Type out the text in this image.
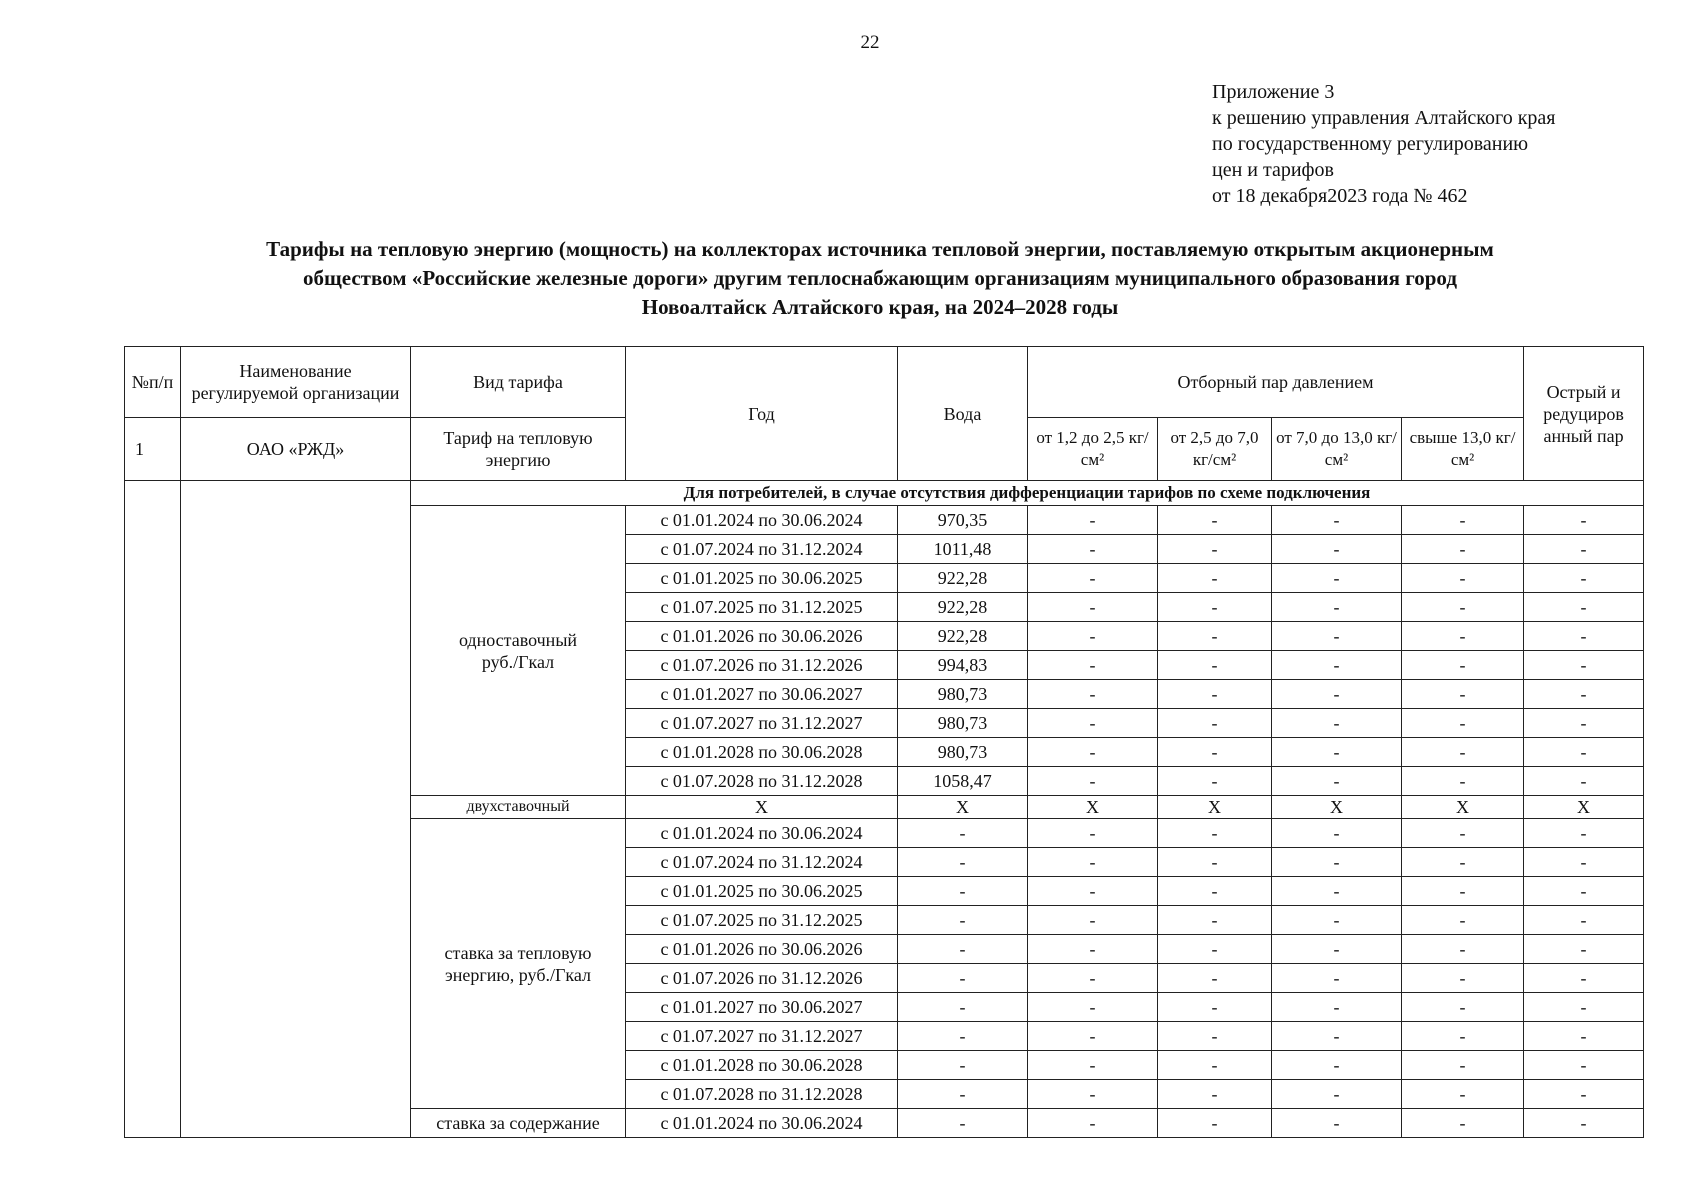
22
Приложение 3
к решению управления Алтайского края
по государственному регулированию
цен и тарифов
от 18 декабря2023 года № 462
Тарифы на тепловую энергию (мощность) на коллекторах источника тепловой энергии, поставляемую открытым акционерным
обществом «Российские железные дороги» другим теплоснабжающим организациям муниципального образования город
Новоалтайск Алтайского края, на 2024–2028 годы
№п/п	Наименование регулируемой организации	Вид тарифа	Год	Вода	Отборный пар давлением				Острый и редуциров анный пар
1	ОАО «РЖД»	Тариф на тепловую энергию			от 1,2 до 2,5 кг/см²	от 2,5 до 7,0 кг/см²	от 7,0 до 13,0 кг/см²	свыше 13,0 кг/см²	
		Для потребителей, в случае отсутствия дифференциации тарифов по схеме подключения							
		одноставочный руб./Гкал	с 01.01.2024 по 30.06.2024	970,35	-	-	-	-	-
			с 01.07.2024 по 31.12.2024	1011,48	-	-	-	-	-
			с 01.01.2025 по 30.06.2025	922,28	-	-	-	-	-
			с 01.07.2025 по 31.12.2025	922,28	-	-	-	-	-
			с 01.01.2026 по 30.06.2026	922,28	-	-	-	-	-
			с 01.07.2026 по 31.12.2026	994,83	-	-	-	-	-
			с 01.01.2027 по 30.06.2027	980,73	-	-	-	-	-
			с 01.07.2027 по 31.12.2027	980,73	-	-	-	-	-
			с 01.01.2028 по 30.06.2028	980,73	-	-	-	-	-
			с 01.07.2028 по 31.12.2028	1058,47	-	-	-	-	-
		двухставочный	X	X	X	X	X	X	X
		ставка за тепловую энергию, руб./Гкал	с 01.01.2024 по 30.06.2024	-	-	-	-	-	-
			с 01.07.2024 по 31.12.2024	-	-	-	-	-	-
			с 01.01.2025 по 30.06.2025	-	-	-	-	-	-
			с 01.07.2025 по 31.12.2025	-	-	-	-	-	-
			с 01.01.2026 по 30.06.2026	-	-	-	-	-	-
			с 01.07.2026 по 31.12.2026	-	-	-	-	-	-
			с 01.01.2027 по 30.06.2027	-	-	-	-	-	-
			с 01.07.2027 по 31.12.2027	-	-	-	-	-	-
			с 01.01.2028 по 30.06.2028	-	-	-	-	-	-
			с 01.07.2028 по 31.12.2028	-	-	-	-	-	-
		ставка за содержание	с 01.01.2024 по 30.06.2024	-	-	-	-	-	-
